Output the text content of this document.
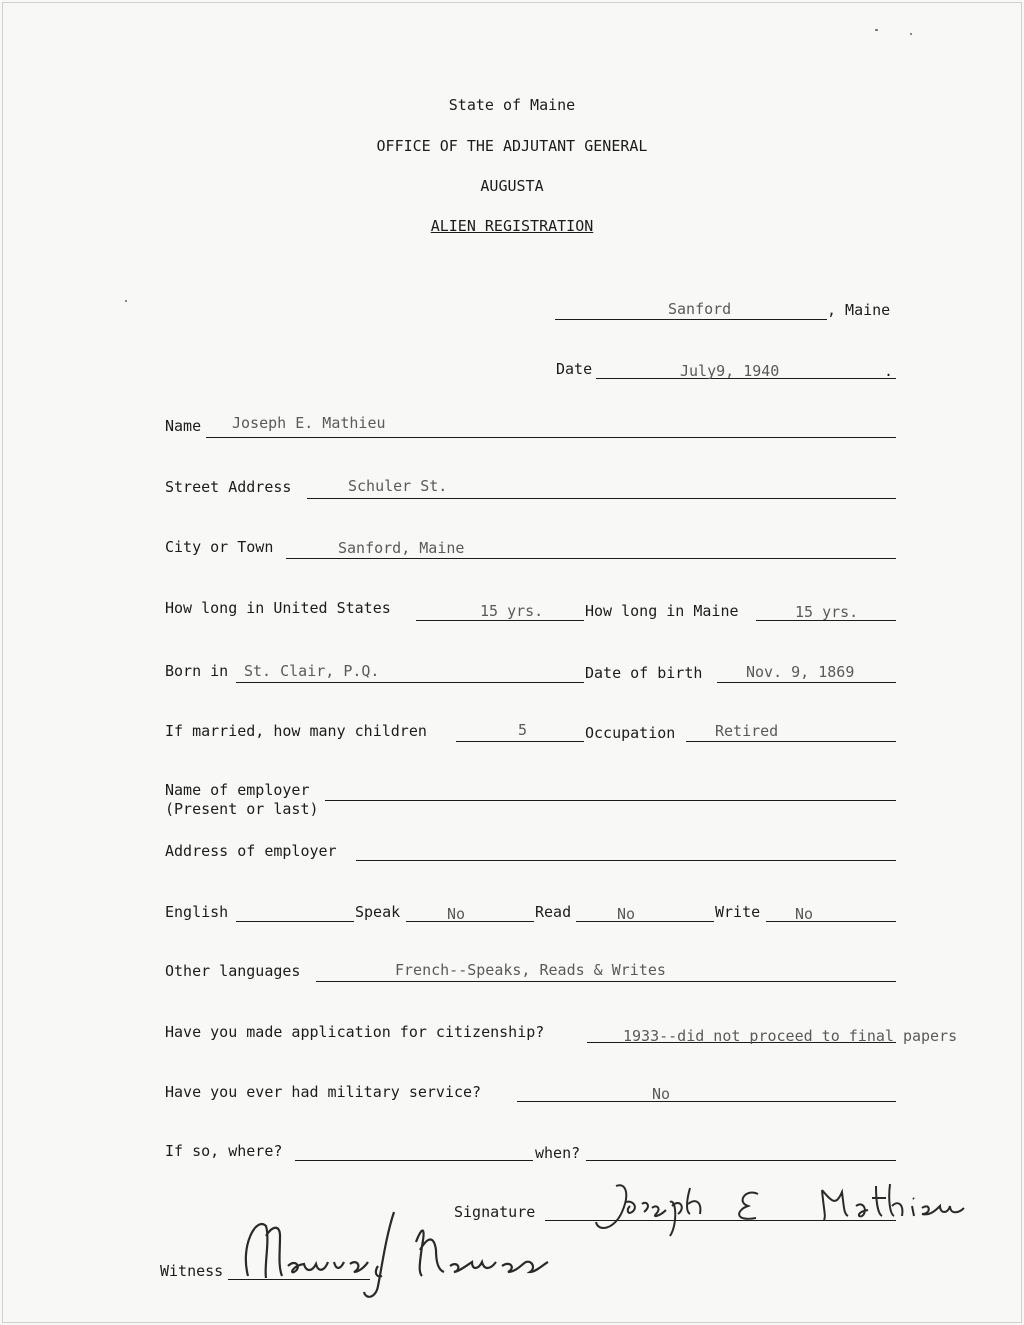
State of Maine
OFFICE OF THE ADJUTANT GENERAL
AUGUSTA
ALIEN REGISTRATION
Sanford	, Maine
Date	July9, 1940	.
Name Joseph E. Mathieu
Street Address	Schuler St.
City or Town	Sanford, Maine
How long in United States	15 yrs.	How long in Maine	15 yrs.
Born in St. Clair, P.Q.	Date of birth	Nov. 9, 1869
If married, how many children	5	Occupation	Retired
Name of employer
(Present or last)
Address of employer
English	Speak	No	Read	No	Write No
Other languages	French--Speaks, Reads & Writes
Have you made application for citizenship?	1933--did not proceed to final papers
Have you ever had military service?	No
If so, where?	when?
Signature
Witness
